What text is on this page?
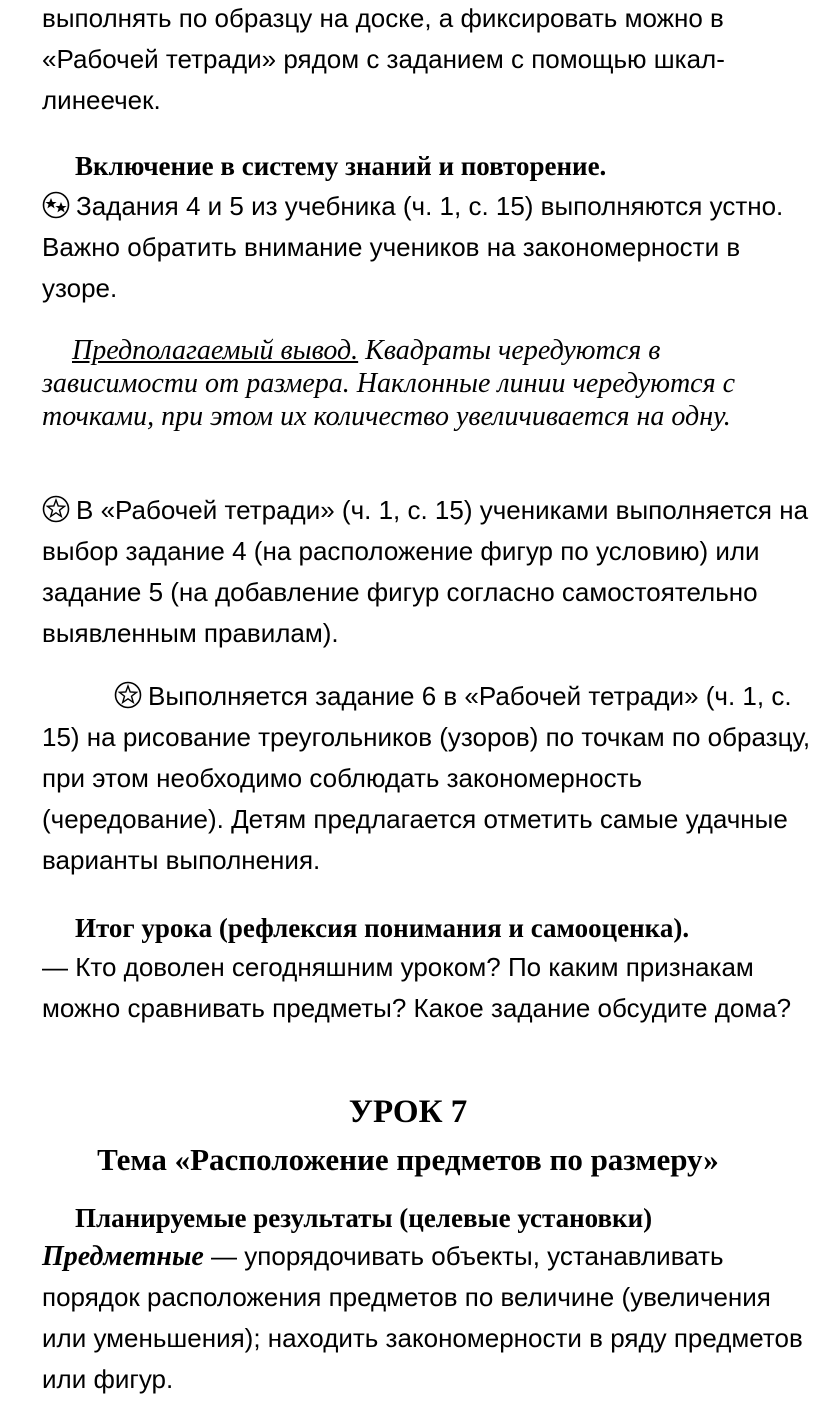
выполнять по образцу на доске, а фиксировать можно в «Рабочей тетради» рядом с заданием с помощью шкал-линеечек.

Включение в систему знаний и повторение.

Задания 4 и 5 из учебника (ч. 1, с. 15) выполняются устно. Важно обратить внимание учеников на закономерности в узоре.

Предполагаемый вывод. Квадраты чередуются в зависимости от размера. Наклонные линии чередуются с точками, при этом их количество увеличивается на одну.

В «Рабочей тетради» (ч. 1, с. 15) учениками выполняется на выбор задание 4 (на расположение фигур по условию) или задание 5 (на добавление фигур согласно самостоятельно выявленным правилам).

Выполняется задание 6 в «Рабочей тетради» (ч. 1, с. 15) на рисование треугольников (узоров) по точкам по образцу, при этом необходимо соблюдать закономерность (чередование). Детям предлагается отметить самые удачные варианты выполнения.

Итог урока (рефлексия понимания и самооценка).

— Кто доволен сегодняшним уроком? По каким признакам можно сравнивать предметы? Какое задание обсудите дома?

УРОК 7

Тема «Расположение предметов по размеру»

Планируемые результаты (целевые установки)

Предметные — упорядочивать объекты, устанавливать порядок расположения предметов по величине (увеличения или уменьшения); находить закономерности в ряду предметов или фигур.
